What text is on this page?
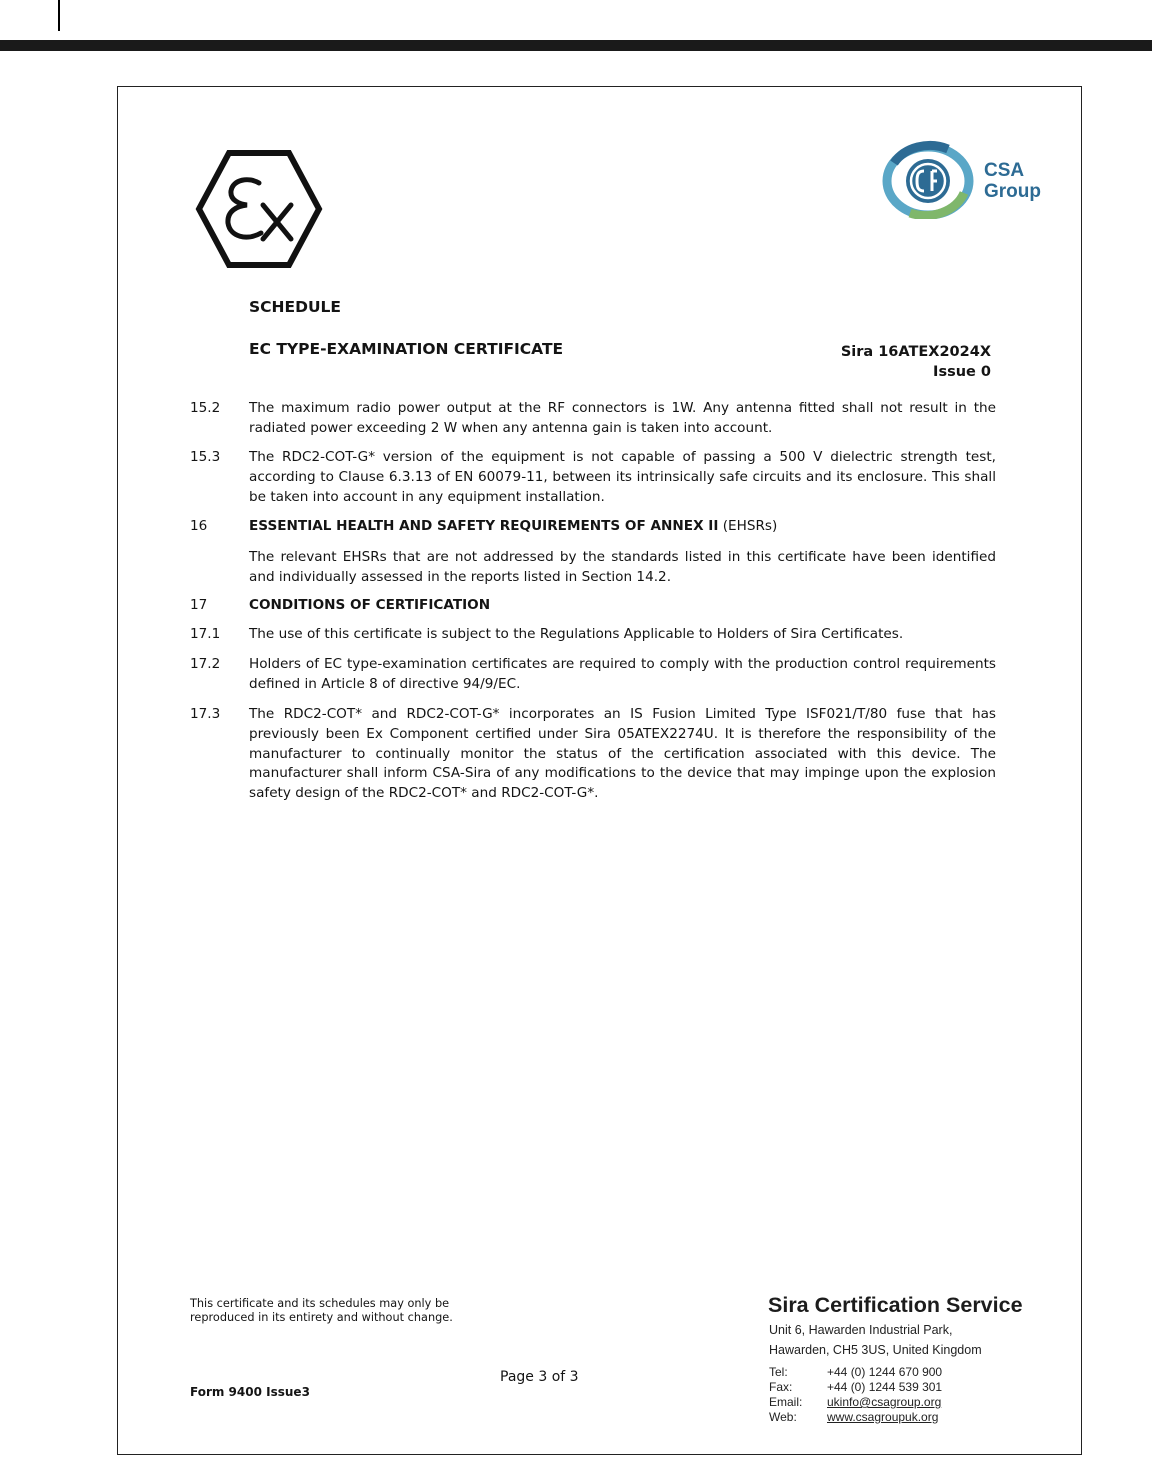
CSA
Group
SCHEDULE
EC TYPE-EXAMINATION CERTIFICATE	Sira 16ATEX2024X
Issue 0
15.2	The maximum radio power output at the RF connectors is 1W. Any antenna fitted shall not result in the radiated power exceeding 2 W when any antenna gain is taken into account.

15.3	The RDC2-COT-G* version of the equipment is not capable of passing a 500 V dielectric strength test, according to Clause 6.3.13 of EN 60079-11, between its intrinsically safe circuits and its enclosure. This shall be taken into account in any equipment installation.

16	ESSENTIAL HEALTH AND SAFETY REQUIREMENTS OF ANNEX II (EHSRs)

The relevant EHSRs that are not addressed by the standards listed in this certificate have been identified and individually assessed in the reports listed in Section 14.2.

17	CONDITIONS OF CERTIFICATION

17.1	The use of this certificate is subject to the Regulations Applicable to Holders of Sira Certificates.

17.2	Holders of EC type-examination certificates are required to comply with the production control requirements defined in Article 8 of directive 94/9/EC.

17.3	The RDC2-COT* and RDC2-COT-G* incorporates an IS Fusion Limited Type ISF021/T/80 fuse that has previously been Ex Component certified under Sira 05ATEX2274U. It is therefore the responsibility of the manufacturer to continually monitor the status of the certification associated with this device. The manufacturer shall inform CSA-Sira of any modifications to the device that may impinge upon the explosion safety design of the RDC2-COT* and RDC2-COT-G*.

This certificate and its schedules may only be
reproduced in its entirety and without change.
Form 9400 Issue3
Page 3 of 3
Sira Certification Service
Unit 6, Hawarden Industrial Park,
Hawarden, CH5 3US, United Kingdom
Tel:	+44 (0) 1244 670 900
Fax:	+44 (0) 1244 539 301
Email:	ukinfo@csagroup.org
Web:	www.csagroupuk.org
